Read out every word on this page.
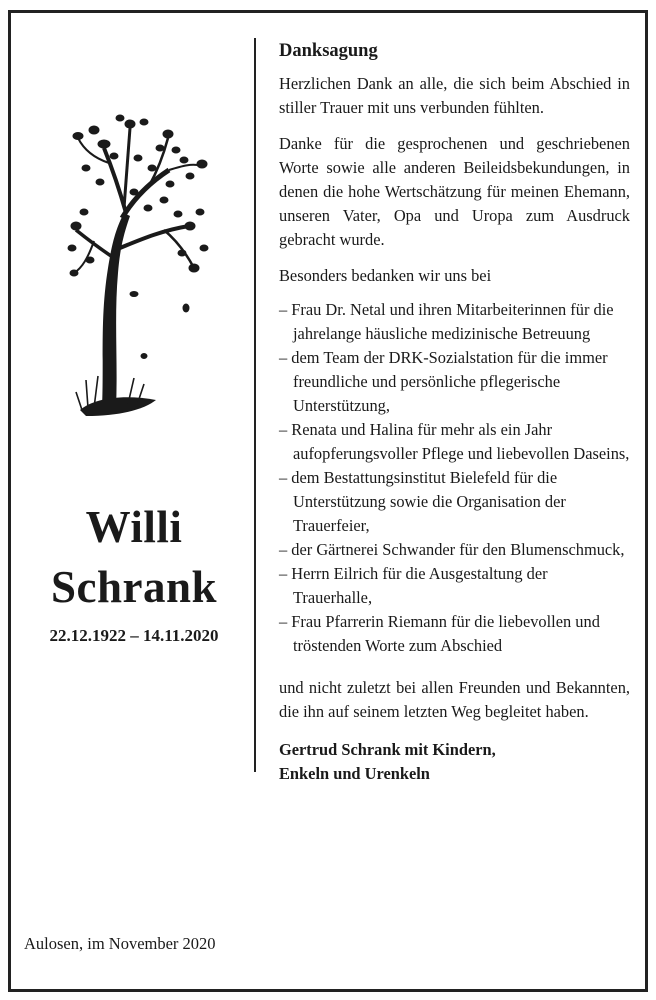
Willi
Schrank
22.12.1922 – 14.11.2020
Aulosen, im November 2020
Danksagung

Herzlichen Dank an alle, die sich beim Abschied in stiller Trauer mit uns verbunden fühlten.

Danke für die gesprochenen und geschriebenen Worte sowie alle anderen Beileidsbekundungen, in denen die hohe Wertschätzung für meinen Ehemann, unseren Vater, Opa und Uropa zum Ausdruck gebracht wurde.

Besonders bedanken wir uns bei

– Frau Dr. Netal und ihren Mitarbeiterinnen für die jahrelange häusliche medizinische Betreuung
– dem Team der DRK-Sozialstation für die immer freundliche und persönliche pflegerische Unterstützung,
– Renata und Halina für mehr als ein Jahr aufopferungsvoller Pflege und liebevollen Daseins,
– dem Bestattungsinstitut Bielefeld für die Unterstützung sowie die Organisation der Trauerfeier,
– der Gärtnerei Schwander für den Blumenschmuck,
– Herrn Eilrich für die Ausgestaltung der Trauerhalle,
– Frau Pfarrerin Riemann für die liebevollen und tröstenden Worte zum Abschied

und nicht zuletzt bei allen Freunden und Bekannten, die ihn auf seinem letzten Weg begleitet haben.

Gertrud Schrank mit Kindern,

Enkeln und Urenkeln
